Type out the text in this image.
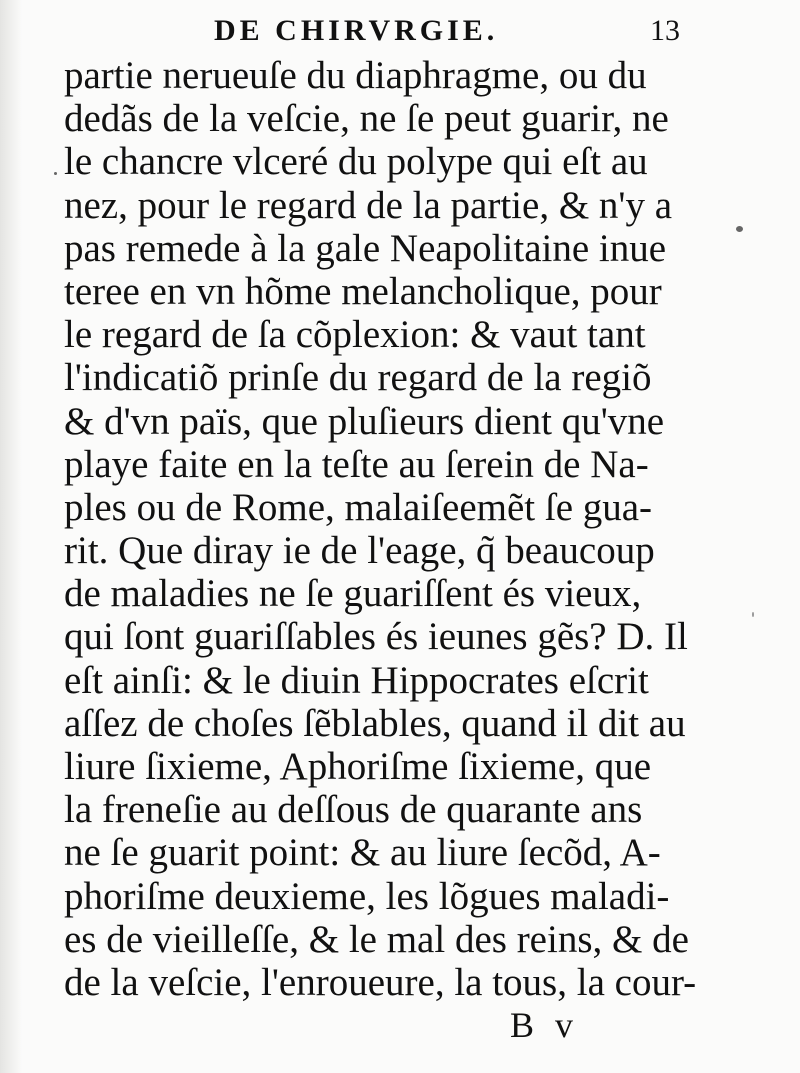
DE CHIRVRGIE.	13
partie nerueuſe du diaphragme, ou du
dedãs de la veſcie, ne ſe peut guarir, ne
le chancre vlceré du polype qui eſt au
nez, pour le regard de la partie, & n'y a
pas remede à la gale Neapolitaine inue
teree en vn hõme melancholique, pour
le regard de ſa cõplexion: & vaut tant
l'indicatiõ prinſe du regard de la regiõ
& d'vn païs, que pluſieurs dient qu'vne
playe faite en la teſte au ſerein de Na-
ples ou de Rome, malaiſeemẽt ſe gua-
rit. Que diray ie de l'eage, q̃ beaucoup
de maladies ne ſe guariſſent és vieux,
qui ſont guariſſables és ieunes gẽs? D. Il
eſt ainſi: & le diuin Hippocrates eſcrit
aſſez de choſes ſẽblables, quand il dit au
liure ſixieme, Aphoriſme ſixieme, que
la freneſie au deſſous de quarante ans
ne ſe guarit point: & au liure ſecõd, A-
phoriſme deuxieme, les lõgues maladi-
es de vieilleſſe, & le mal des reins, & de
de la veſcie, l'enroueure, la tous, la cour-
B v
